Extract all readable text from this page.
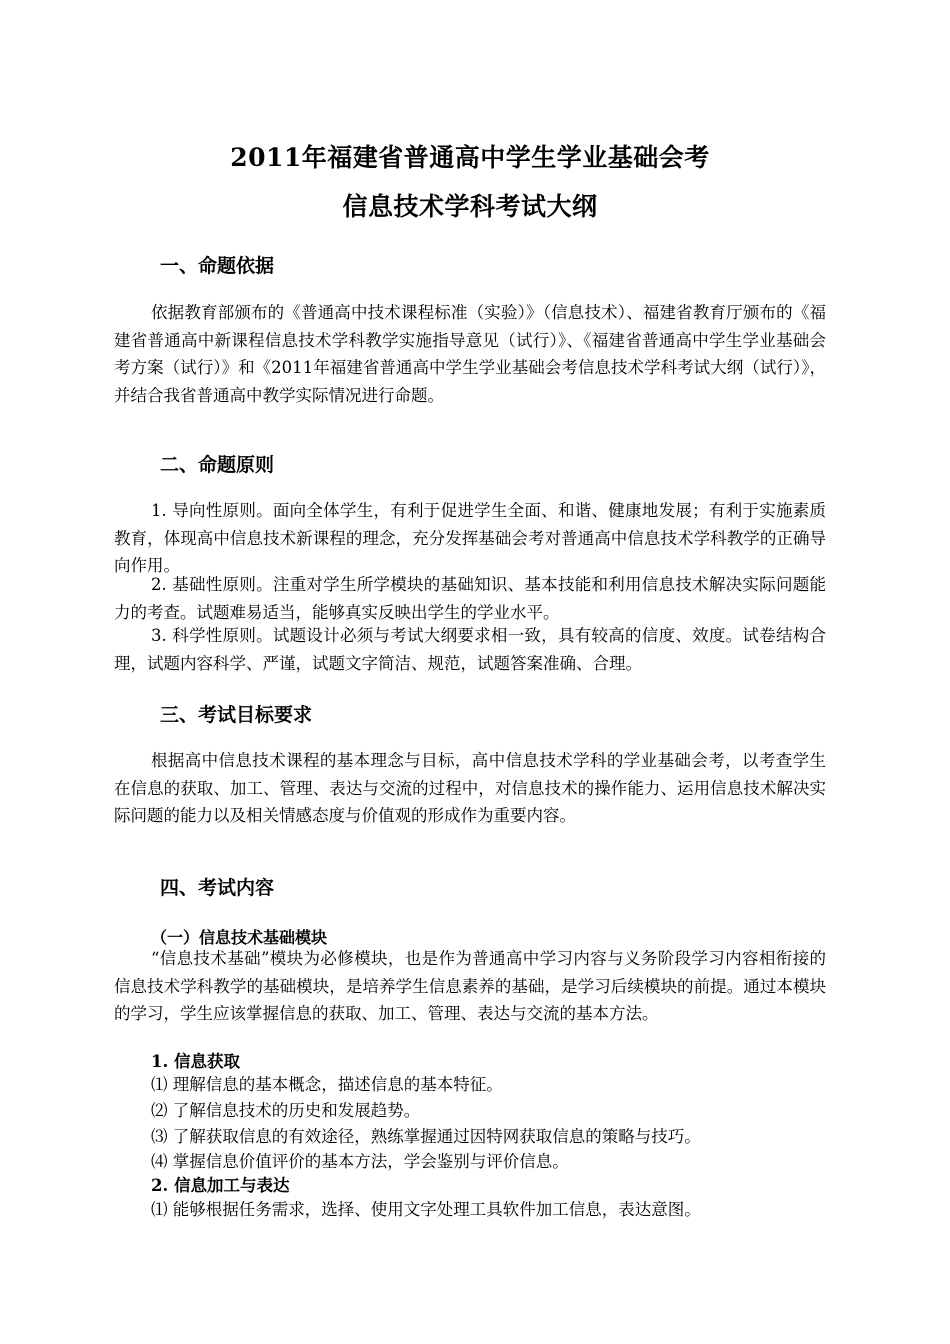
2011年福建省普通高中学生学业基础会考
信息技术学科考试大纲
一、命题依据

依据教育部颁布的《普通高中技术课程标准（实验）》（信息技术）、福建省教育厅颁布的《福建省普通高中新课程信息技术学科教学实施指导意见（试行）》、《福建省普通高中学生学业基础会考方案（试行）》和《2011年福建省普通高中学生学业基础会考信息技术学科考试大纲（试行）》，并结合我省普通高中教学实际情况进行命题。

二、命题原则

1. 导向性原则。面向全体学生，有利于促进学生全面、和谐、健康地发展；有利于实施素质教育，体现高中信息技术新课程的理念，充分发挥基础会考对普通高中信息技术学科教学的正确导向作用。

2. 基础性原则。注重对学生所学模块的基础知识、基本技能和利用信息技术解决实际问题能力的考查。试题难易适当，能够真实反映出学生的学业水平。

3. 科学性原则。试题设计必须与考试大纲要求相一致，具有较高的信度、效度。试卷结构合理，试题内容科学、严谨，试题文字简洁、规范，试题答案准确、合理。

三、考试目标要求

根据高中信息技术课程的基本理念与目标，高中信息技术学科的学业基础会考，以考查学生在信息的获取、加工、管理、表达与交流的过程中，对信息技术的操作能力、运用信息技术解决实际问题的能力以及相关情感态度与价值观的形成作为重要内容。

四、考试内容
（一）信息技术基础模块

“信息技术基础”模块为必修模块，也是作为普通高中学习内容与义务阶段学习内容相衔接的信息技术学科教学的基础模块，是培养学生信息素养的基础，是学习后续模块的前提。通过本模块的学习，学生应该掌握信息的获取、加工、管理、表达与交流的基本方法。

1. 信息获取

⑴ 理解信息的基本概念，描述信息的基本特征。

⑵ 了解信息技术的历史和发展趋势。

⑶ 了解获取信息的有效途径，熟练掌握通过因特网获取信息的策略与技巧。

⑷ 掌握信息价值评价的基本方法，学会鉴别与评价信息。

2. 信息加工与表达

⑴ 能够根据任务需求，选择、使用文字处理工具软件加工信息，表达意图。
